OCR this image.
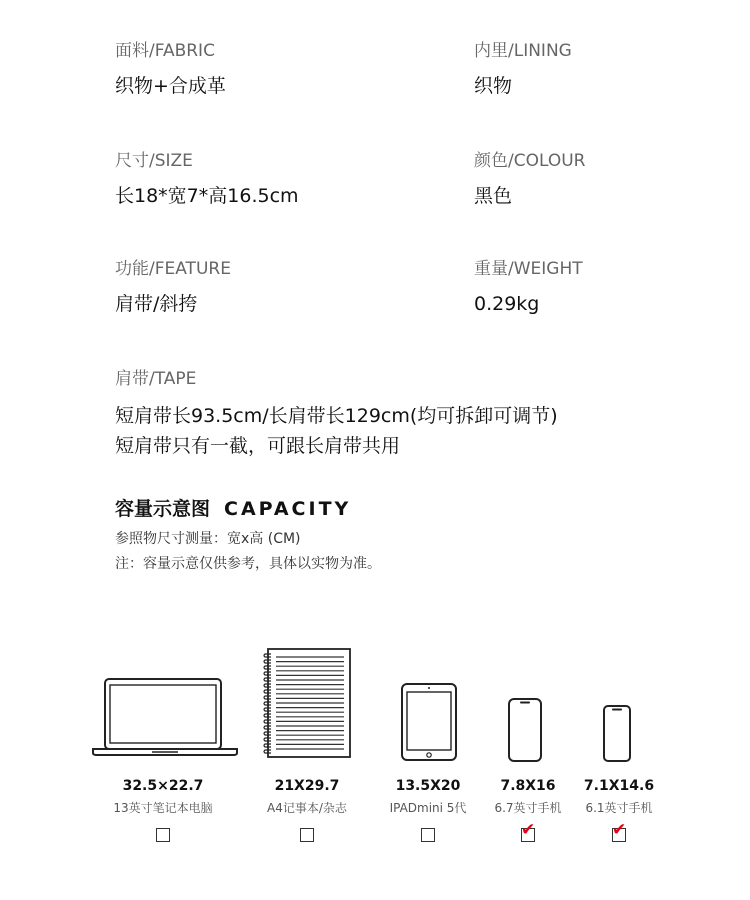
面料/FABRIC
织物+合成革
内里/LINING
织物
尺寸/SIZE
长18*宽7*高16.5cm
颜色/COLOUR
黑色
功能/FEATURE
肩带/斜挎
重量/WEIGHT
0.29kg
肩带/TAPE
短肩带长93.5cm/长肩带长129cm(均可拆卸可调节)
短肩带只有一截，可跟长肩带共用
容量示意图 CAPACITY
参照物尺寸测量：宽x高 (CM)
注：容量示意仅供参考，具体以实物为准。
32.5×22.7
13英寸笔记本电脑
21X29.7
A4记事本/杂志
13.5X20
IPADmini 5代
7.8X16
6.7英寸手机
✔
7.1X14.6
6.1英寸手机
✔
